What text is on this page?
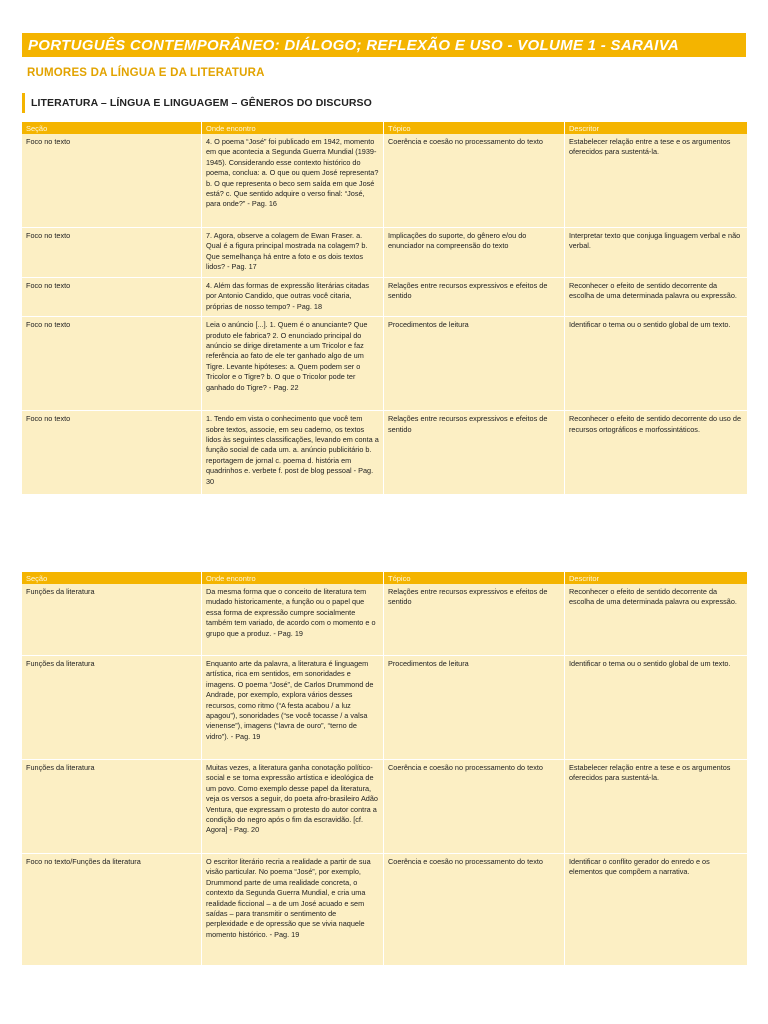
PORTUGUÊS CONTEMPORÂNEO: DIÁLOGO; REFLEXÃO E USO - VOLUME 1 - SARAIVA
RUMORES DA LÍNGUA E DA LITERATURA
LITERATURA – LÍNGUA E LINGUAGEM – GÊNEROS DO DISCURSO
Seção	Onde encontro	Tópico	Descritor
Foco no texto	4. O poema “José” foi publicado em 1942, momento em que acontecia a Segunda Guerra Mundial (1939-1945). Considerando esse contexto histórico do poema, conclua: a. O que ou quem José representa? b. O que representa o beco sem saída em que José está? c. Que sentido adquire o verso final: “José, para onde?” - Pag. 16	Coerência e coesão no processamento do texto	Estabelecer relação entre a tese e os argumentos oferecidos para sustentá-la.
Foco no texto	7. Agora, observe a colagem de Ewan Fraser. a. Qual é a figura principal mostrada na colagem? b. Que semelhança há entre a foto e os dois textos lidos? - Pag. 17	Implicações do suporte, do gênero e/ou do enunciador na compreensão do texto	Interpretar texto que conjuga linguagem verbal e não verbal.
Foco no texto	4. Além das formas de expressão literárias citadas por Antonio Candido, que outras você citaria, próprias de nosso tempo? - Pag. 18	Relações entre recursos expressivos e efeitos de sentido	Reconhecer o efeito de sentido decorrente da escolha de uma determinada palavra ou expressão.
Foco no texto	Leia o anúncio [...]. 1. Quem é o anunciante? Que produto ele fabrica? 2. O enunciado principal do anúncio se dirige diretamente a um Tricolor e faz referência ao fato de ele ter ganhado algo de um Tigre. Levante hipóteses: a. Quem podem ser o Tricolor e o Tigre? b. O que o Tricolor pode ter ganhado do Tigre? - Pag. 22	Procedimentos de leitura	Identificar o tema ou o sentido global de um texto.
Foco no texto	1. Tendo em vista o conhecimento que você tem sobre textos, associe, em seu caderno, os textos lidos às seguintes classificações, levando em conta a função social de cada um. a. anúncio publicitário b. reportagem de jornal c. poema d. história em quadrinhos e. verbete f. post de blog pessoal - Pag. 30	Relações entre recursos expressivos e efeitos de sentido	Reconhecer o efeito de sentido decorrente do uso de recursos ortográficos e morfossintáticos.
Seção	Onde encontro	Tópico	Descritor
Funções da literatura	Da mesma forma que o conceito de literatura tem mudado historicamente, a função ou o papel que essa forma de expressão cumpre socialmente também tem variado, de acordo com o momento e o grupo que a produz. - Pag. 19	Relações entre recursos expressivos e efeitos de sentido	Reconhecer o efeito de sentido decorrente da escolha de uma determinada palavra ou expressão.
Funções da literatura	Enquanto arte da palavra, a literatura é linguagem artística, rica em sentidos, em sonoridades e imagens. O poema “José”, de Carlos Drummond de Andrade, por exemplo, explora vários desses recursos, como ritmo (“A festa acabou / a luz apagou”), sonoridades (“se você tocasse / a valsa vienense”), imagens (“lavra de ouro”, “terno de vidro”). - Pag. 19	Procedimentos de leitura	Identificar o tema ou o sentido global de um texto.
Funções da literatura	Muitas vezes, a literatura ganha conotação político-social e se torna expressão artística e ideológica de um povo. Como exemplo desse papel da literatura, veja os versos a seguir, do poeta afro-brasileiro Adão Ventura, que expressam o protesto do autor contra a condição do negro após o fim da escravidão. [cf. Agora] - Pag. 20	Coerência e coesão no processamento do texto	Estabelecer relação entre a tese e os argumentos oferecidos para sustentá-la.
Foco no texto/Funções da literatura	O escritor literário recria a realidade a partir de sua visão particular. No poema “José”, por exemplo, Drummond parte de uma realidade concreta, o contexto da Segunda Guerra Mundial, e cria uma realidade ficcional – a de um José acuado e sem saídas – para transmitir o sentimento de perplexidade e de opressão que se vivia naquele momento histórico. - Pag. 19	Coerência e coesão no processamento do texto	Identificar o conflito gerador do enredo e os elementos que compõem a narrativa.
